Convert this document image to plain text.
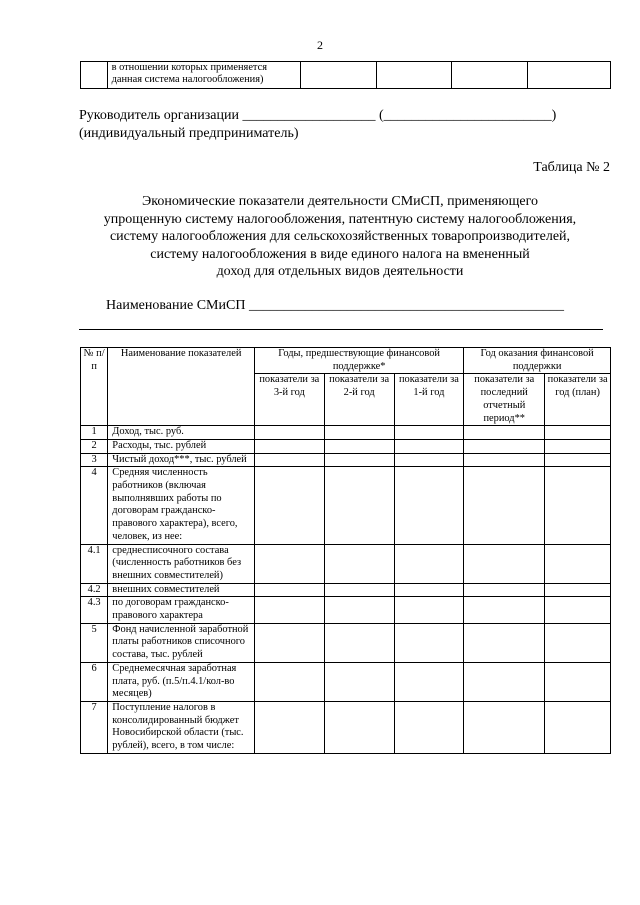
2
	в отношении которых применяется данная система налогообложения)				
Руководитель организации ___________________ (________________________)
(индивидуальный предприниматель)
Таблица № 2
Экономические показатели деятельности СМиСП, применяющего
упрощенную систему налогообложения, патентную систему налогообложения,
систему налогообложения для сельскохозяйственных товаропроизводителей,
систему налогообложения в виде единого налога на вмененный
доход для отдельных видов деятельности
Наименование СМиСП _____________________________________________
№ п/п	Наименование показателей	Годы, предшествующие финансовой поддержке*			Год оказания финансовой поддержки	
		показатели за 3-й год	показатели за 2-й год	показатели за 1-й год	показатели за последний отчетный период**	показатели за год (план)
1	Доход, тыс. руб.					
2	Расходы, тыс. рублей					
3	Чистый доход***, тыс. рублей					
4	Средняя численность работников (включая выполнявших работы по договорам гражданско-правового характера), всего, человек, из нее:					
4.1	среднесписочного состава (численность работников без внешних совместителей)					
4.2	внешних совместителей					
4.3	по договорам гражданско-правового характера					
5	Фонд начисленной заработной платы работников списочного состава, тыс. рублей					
6	Среднемесячная заработная плата, руб. (п.5/п.4.1/кол-во месяцев)					
7	Поступление налогов в консолидированный бюджет Новосибирской области (тыс. рублей), всего, в том числе:					
